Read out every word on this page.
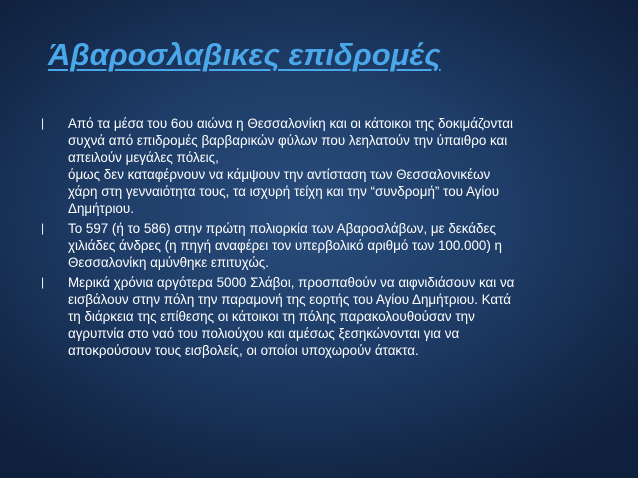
Άβαροσλαβικες επιδρομές
❘ Από τα μέσα του 6ου αιώνα η Θεσσαλονίκη και οι κάτοικοι της δοκιμάζονται
συχνά από επιδρομές βαρβαρικών φύλων που λεηλατούν την ύπαιθρο και
απειλούν μεγάλες πόλεις,
όμως δεν καταφέρνουν να κάμψουν την αντίσταση των Θεσσαλονικέων
χάρη στη γενναιότητα τους, τα ισχυρή τείχη και την “συνδρομή” του Αγίου
Δημήτριου.
❘ Το 597 (ή το 586) στην πρώτη πολιορκία των Αβαροσλάβων, με δεκάδες
χιλιάδες άνδρες (η πηγή αναφέρει τον υπερβολικό αριθμό των 100.000) η
Θεσσαλονίκη αμύνθηκε επιτυχώς.
❘ Μερικά χρόνια αργότερα 5000 Σλάβοι, προσπαθούν να αιφνιδιάσουν και να
εισβάλουν στην πόλη την παραμονή της εορτής του Αγίου Δημήτριου. Κατά
τη διάρκεια της επίθεσης οι κάτοικοι τη πόλης παρακολουθούσαν την
αγρυπνία στο ναό του πολιούχου και αμέσως ξεσηκώνονται για να
αποκρούσουν τους εισβολείς, οι οποίοι υποχωρούν άτακτα.
